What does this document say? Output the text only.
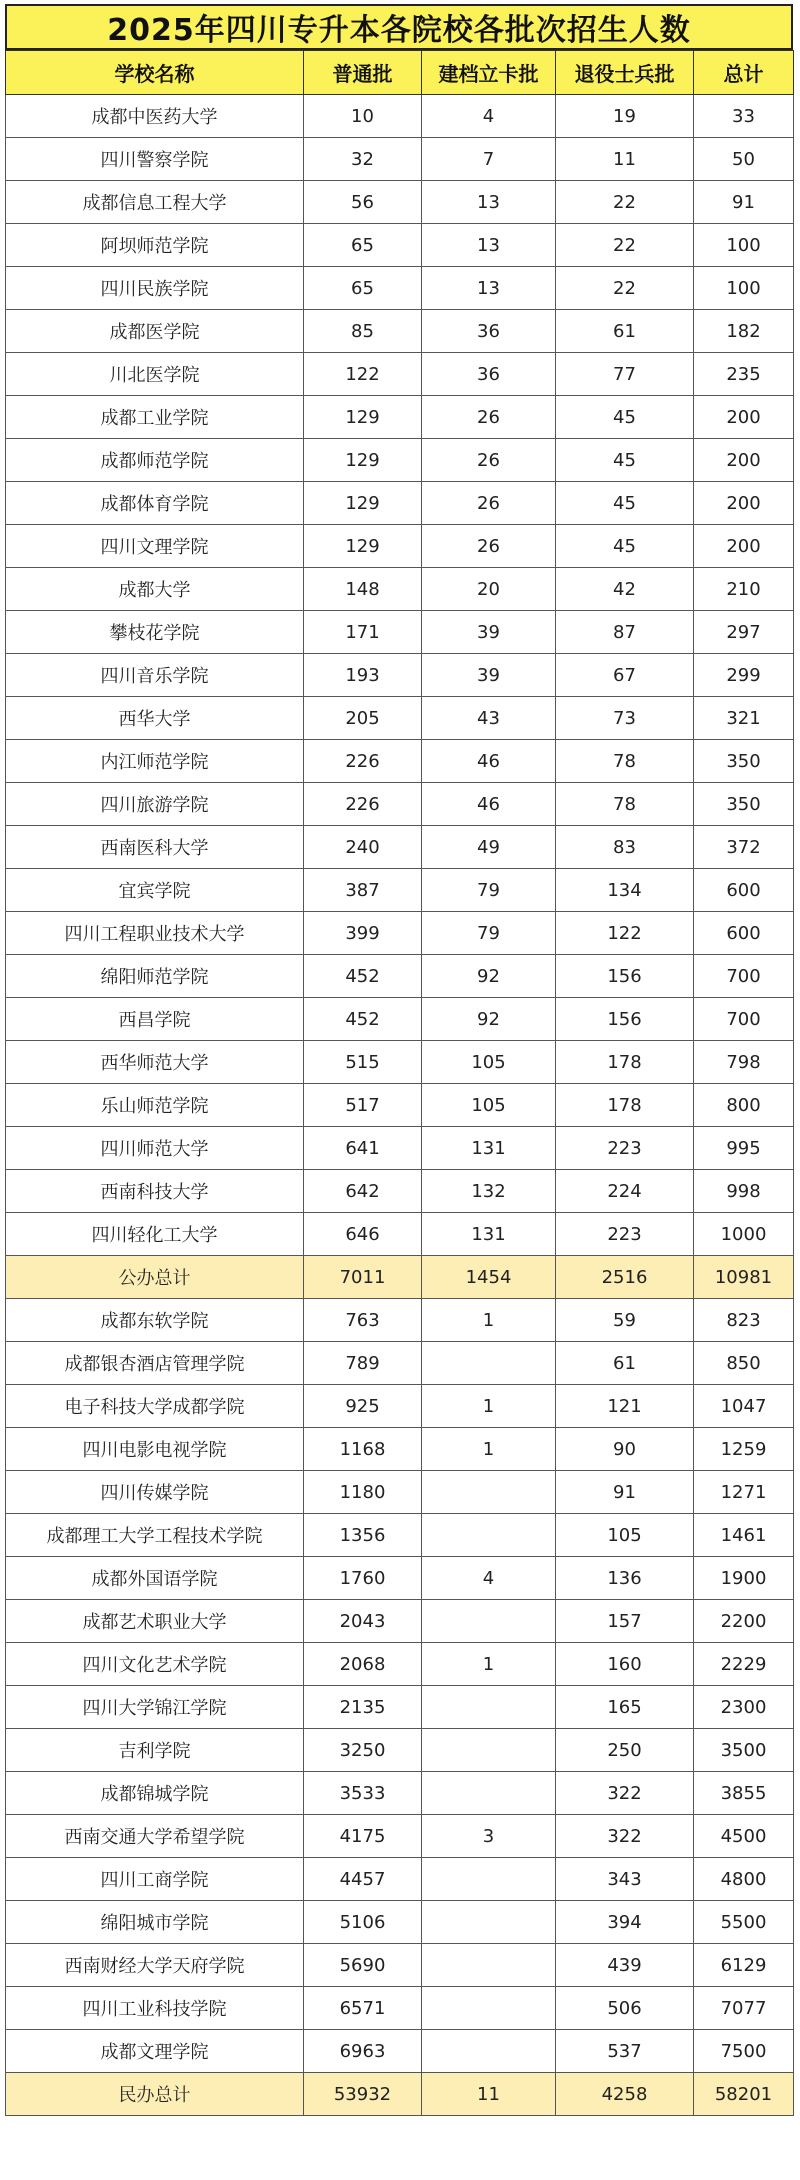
2025年四川专升本各院校各批次招生人数
学校名称	普通批	建档立卡批	退役士兵批	总计
成都中医药大学	10	4	19	33
四川警察学院	32	7	11	50
成都信息工程大学	56	13	22	91
阿坝师范学院	65	13	22	100
四川民族学院	65	13	22	100
成都医学院	85	36	61	182
川北医学院	122	36	77	235
成都工业学院	129	26	45	200
成都师范学院	129	26	45	200
成都体育学院	129	26	45	200
四川文理学院	129	26	45	200
成都大学	148	20	42	210
攀枝花学院	171	39	87	297
四川音乐学院	193	39	67	299
西华大学	205	43	73	321
内江师范学院	226	46	78	350
四川旅游学院	226	46	78	350
西南医科大学	240	49	83	372
宜宾学院	387	79	134	600
四川工程职业技术大学	399	79	122	600
绵阳师范学院	452	92	156	700
西昌学院	452	92	156	700
西华师范大学	515	105	178	798
乐山师范学院	517	105	178	800
四川师范大学	641	131	223	995
西南科技大学	642	132	224	998
四川轻化工大学	646	131	223	1000
公办总计	7011	1454	2516	10981
成都东软学院	763	1	59	823
成都银杏酒店管理学院	789		61	850
电子科技大学成都学院	925	1	121	1047
四川电影电视学院	1168	1	90	1259
四川传媒学院	1180		91	1271
成都理工大学工程技术学院	1356		105	1461
成都外国语学院	1760	4	136	1900
成都艺术职业大学	2043		157	2200
四川文化艺术学院	2068	1	160	2229
四川大学锦江学院	2135		165	2300
吉利学院	3250		250	3500
成都锦城学院	3533		322	3855
西南交通大学希望学院	4175	3	322	4500
四川工商学院	4457		343	4800
绵阳城市学院	5106		394	5500
西南财经大学天府学院	5690		439	6129
四川工业科技学院	6571		506	7077
成都文理学院	6963		537	7500
民办总计	53932	11	4258	58201
